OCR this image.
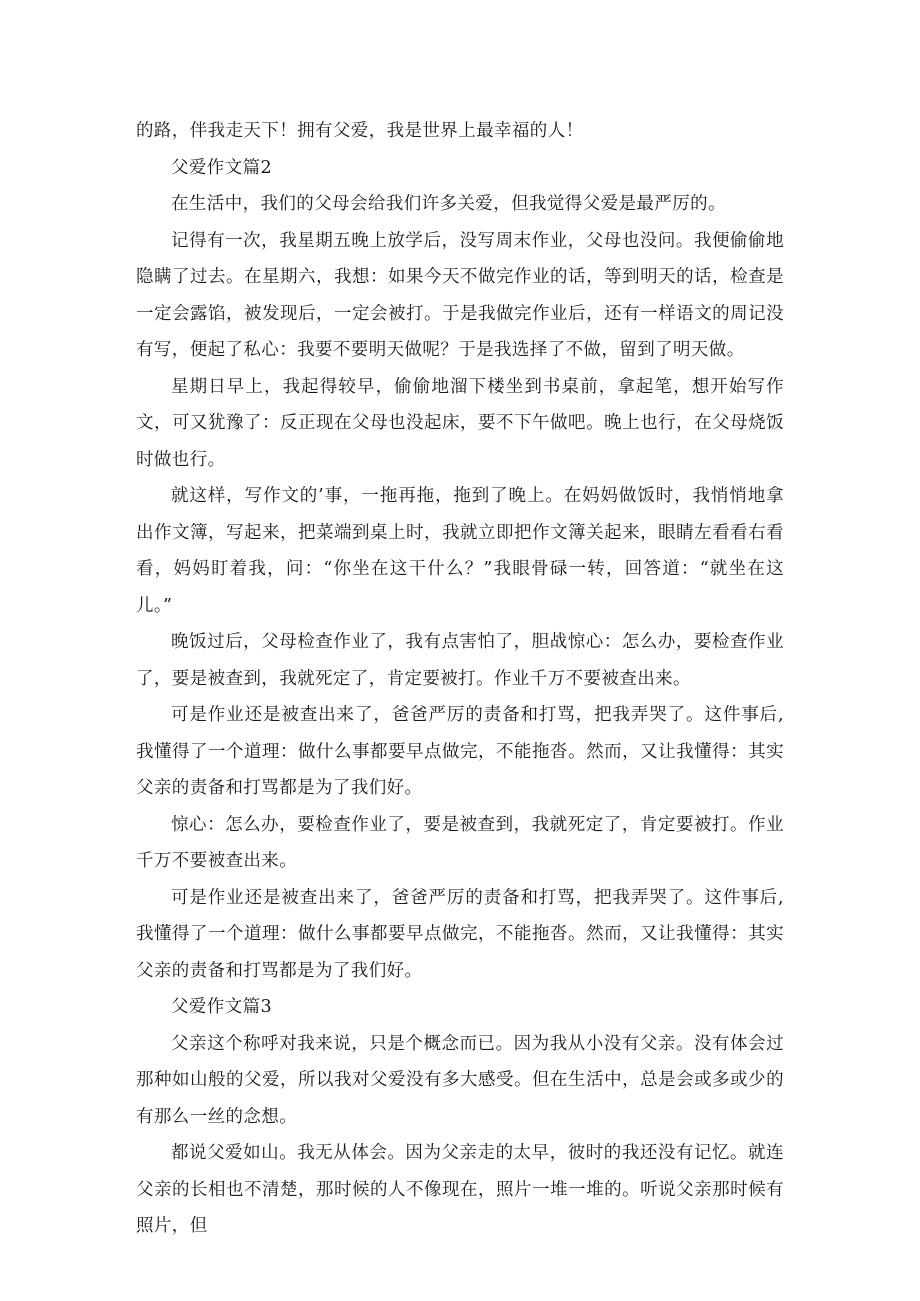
的路，伴我走天下！拥有父爱，我是世界上最幸福的人！

父爱作文篇2

在生活中，我们的父母会给我们许多关爱，但我觉得父爱是最严厉的。

记得有一次，我星期五晚上放学后，没写周末作业，父母也没问。我便偷偷地隐瞒了过去。在星期六，我想：如果今天不做完作业的话，等到明天的话，检查是一定会露馅，被发现后，一定会被打。于是我做完作业后，还有一样语文的周记没有写，便起了私心：我要不要明天做呢？于是我选择了不做，留到了明天做。

星期日早上，我起得较早，偷偷地溜下楼坐到书桌前，拿起笔，想开始写作文，可又犹豫了：反正现在父母也没起床，要不下午做吧。晚上也行，在父母烧饭时做也行。

就这样，写作文的’事，一拖再拖，拖到了晚上。在妈妈做饭时，我悄悄地拿出作文簿，写起来，把菜端到桌上时，我就立即把作文簿关起来，眼睛左看看右看看，妈妈盯着我，问：“你坐在这干什么？”我眼骨碌一转，回答道：“就坐在这儿。”

晚饭过后，父母检查作业了，我有点害怕了，胆战惊心：怎么办，要检查作业了，要是被查到，我就死定了，肯定要被打。作业千万不要被查出来。

可是作业还是被查出来了，爸爸严厉的责备和打骂，把我弄哭了。这件事后,我懂得了一个道理：做什么事都要早点做完，不能拖沓。然而，又让我懂得：其实父亲的责备和打骂都是为了我们好。

惊心：怎么办，要检查作业了，要是被查到，我就死定了，肯定要被打。作业千万不要被查出来。

可是作业还是被查出来了，爸爸严厉的责备和打骂，把我弄哭了。这件事后,我懂得了一个道理：做什么事都要早点做完，不能拖沓。然而，又让我懂得：其实父亲的责备和打骂都是为了我们好。

父爱作文篇3

父亲这个称呼对我来说，只是个概念而已。因为我从小没有父亲。没有体会过那种如山般的父爱，所以我对父爱没有多大感受。但在生活中，总是会或多或少的有那么一丝的念想。

都说父爱如山。我无从体会。因为父亲走的太早，彼时的我还没有记忆。就连父亲的长相也不清楚，那时候的人不像现在，照片一堆一堆的。听说父亲那时候有照片，但
